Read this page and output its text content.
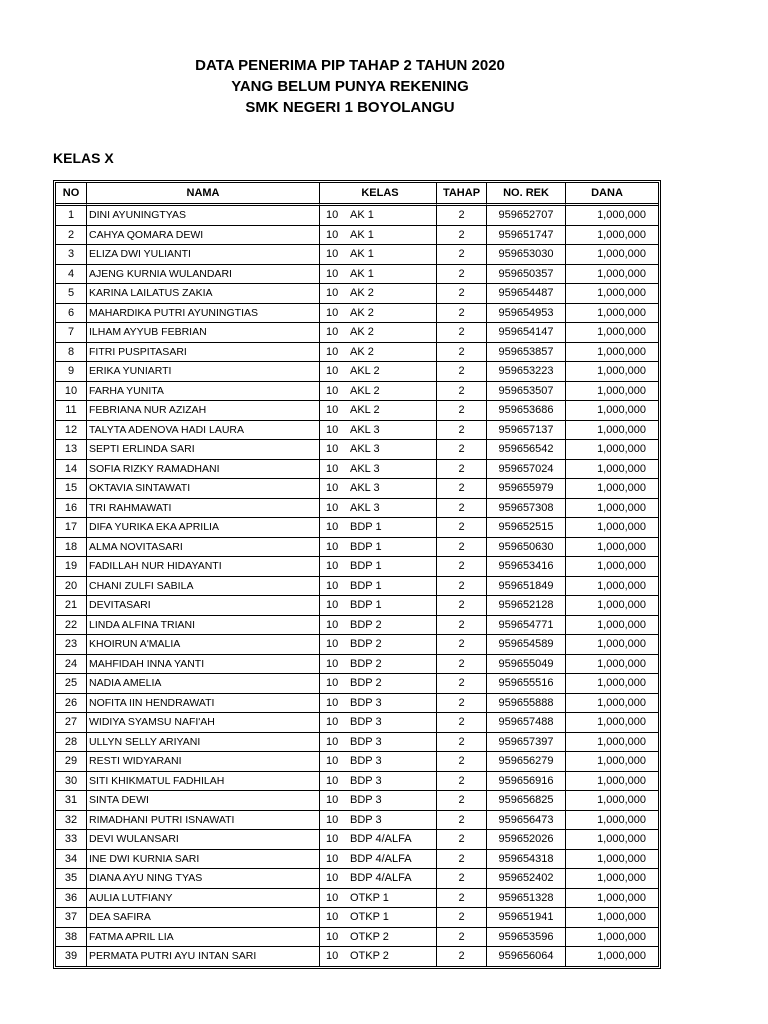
DATA PENERIMA PIP TAHAP 2 TAHUN 2020
YANG BELUM PUNYA REKENING
SMK NEGERI 1 BOYOLANGU
KELAS X
NO	NAMA	KELAS	TAHAP	NO. REK	DANA
1	DINI AYUNINGTYAS	10 AK 1	2	959652707	1,000,000
2	CAHYA QOMARA DEWI	10 AK 1	2	959651747	1,000,000
3	ELIZA DWI YULIANTI	10 AK 1	2	959653030	1,000,000
4	AJENG KURNIA WULANDARI	10 AK 1	2	959650357	1,000,000
5	KARINA LAILATUS ZAKIA	10 AK 2	2	959654487	1,000,000
6	MAHARDIKA PUTRI AYUNINGTIAS	10 AK 2	2	959654953	1,000,000
7	ILHAM AYYUB FEBRIAN	10 AK 2	2	959654147	1,000,000
8	FITRI PUSPITASARI	10 AK 2	2	959653857	1,000,000
9	ERIKA YUNIARTI	10 AKL 2	2	959653223	1,000,000
10	FARHA YUNITA	10 AKL 2	2	959653507	1,000,000
11	FEBRIANA NUR AZIZAH	10 AKL 2	2	959653686	1,000,000
12	TALYTA ADENOVA HADI LAURA	10 AKL 3	2	959657137	1,000,000
13	SEPTI ERLINDA SARI	10 AKL 3	2	959656542	1,000,000
14	SOFIA RIZKY RAMADHANI	10 AKL 3	2	959657024	1,000,000
15	OKTAVIA SINTAWATI	10 AKL 3	2	959655979	1,000,000
16	TRI RAHMAWATI	10 AKL 3	2	959657308	1,000,000
17	DIFA YURIKA EKA APRILIA	10 BDP 1	2	959652515	1,000,000
18	ALMA NOVITASARI	10 BDP 1	2	959650630	1,000,000
19	FADILLAH NUR HIDAYANTI	10 BDP 1	2	959653416	1,000,000
20	CHANI ZULFI SABILA	10 BDP 1	2	959651849	1,000,000
21	DEVITASARI	10 BDP 1	2	959652128	1,000,000
22	LINDA ALFINA TRIANI	10 BDP 2	2	959654771	1,000,000
23	KHOIRUN A'MALIA	10 BDP 2	2	959654589	1,000,000
24	MAHFIDAH INNA YANTI	10 BDP 2	2	959655049	1,000,000
25	NADIA AMELIA	10 BDP 2	2	959655516	1,000,000
26	NOFITA IIN HENDRAWATI	10 BDP 3	2	959655888	1,000,000
27	WIDIYA SYAMSU NAFI'AH	10 BDP 3	2	959657488	1,000,000
28	ULLYN SELLY ARIYANI	10 BDP 3	2	959657397	1,000,000
29	RESTI WIDYARANI	10 BDP 3	2	959656279	1,000,000
30	SITI KHIKMATUL FADHILAH	10 BDP 3	2	959656916	1,000,000
31	SINTA DEWI	10 BDP 3	2	959656825	1,000,000
32	RIMADHANI PUTRI ISNAWATI	10 BDP 3	2	959656473	1,000,000
33	DEVI WULANSARI	10 BDP 4/ALFA	2	959652026	1,000,000
34	INE DWI KURNIA SARI	10 BDP 4/ALFA	2	959654318	1,000,000
35	DIANA AYU NING TYAS	10 BDP 4/ALFA	2	959652402	1,000,000
36	AULIA LUTFIANY	10 OTKP 1	2	959651328	1,000,000
37	DEA SAFIRA	10 OTKP 1	2	959651941	1,000,000
38	FATMA APRIL LIA	10 OTKP 2	2	959653596	1,000,000
39	PERMATA PUTRI AYU INTAN SARI	10 OTKP 2	2	959656064	1,000,000
